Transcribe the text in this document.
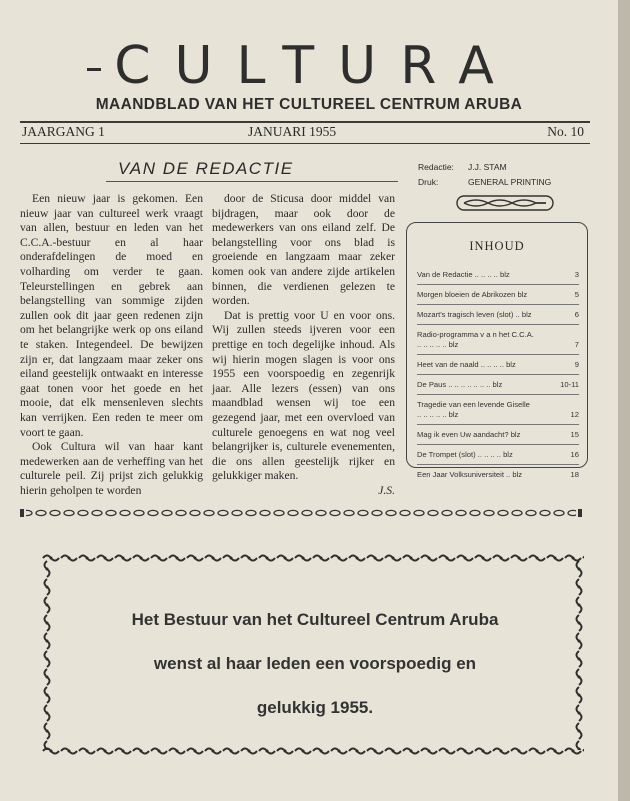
CULTURA
MAANDBLAD VAN HET CULTUREEL CENTRUM ARUBA
JAARGANG 1	JANUARI 1955	No. 10
VAN DE REDACTIE

Een nieuw jaar is gekomen. Een nieuw jaar van cultureel werk vraagt van allen, bestuur en leden van het C.C.A.-bestuur en al haar onderafdelingen de moed en volharding om verder te gaan. Teleurstellingen en gebrek aan belangstelling van sommige zijden zullen ook dit jaar geen redenen zijn om het belangrijke werk op ons eiland te staken. Integendeel. De bewijzen zijn er, dat langzaam maar zeker ons eiland geestelijk ontwaakt en interesse gaat tonen voor het goede en het mooie, dat elk mensenleven slechts kan verrijken. Een reden te meer om voort te gaan.

Ook Cultura wil van haar kant medewerken aan de verheffing van het culturele peil. Zij prijst zich gelukkig hierin geholpen te worden

door de Sticusa door middel van bijdragen, maar ook door de medewerkers van ons eiland zelf. De belangstelling voor ons blad is groeiende en langzaam maar zeker komen ook van andere zijde artikelen binnen, die verdienen gelezen te worden.

Dat is prettig voor U en voor ons. Wij zullen steeds ijveren voor een prettige en toch degelijke inhoud. Als wij hierin mogen slagen is voor ons 1955 een voorspoedig en zegenrijk jaar. Alle lezers (essen) van ons maandblad wensen wij toe een gezegend jaar, met een overvloed van culturele genoegens en wat nog veel belangrijker is, culturele evenementen, die ons allen geestelijk rijker en gelukkiger maken.

J.S.
Redactie: J.J. STAM
Druk:	GENERAL PRINTING
INHOUD
Van de Redactie .. .. .. .. blz	3
Morgen bloeien de Abrikozen blz	5
Mozart's tragisch leven (slot) .. blz	6
Radio-programma v a n het C.C.A. .. .. .. .. .. blz	7
Heet van de naald .. .. .. .. blz	9
De Paus .. .. .. .. .. .. .. blz	10-11
Tragedie van een levende Giselle .. .. .. .. .. blz	12
Mag ik even Uw aandacht? blz	15
De Trompet (slot) .. .. .. .. blz	16
Een Jaar Volksuniversiteit .. blz	18
Het Bestuur van het Cultureel Centrum Aruba
wenst al haar leden een voorspoedig en
gelukkig 1955.
